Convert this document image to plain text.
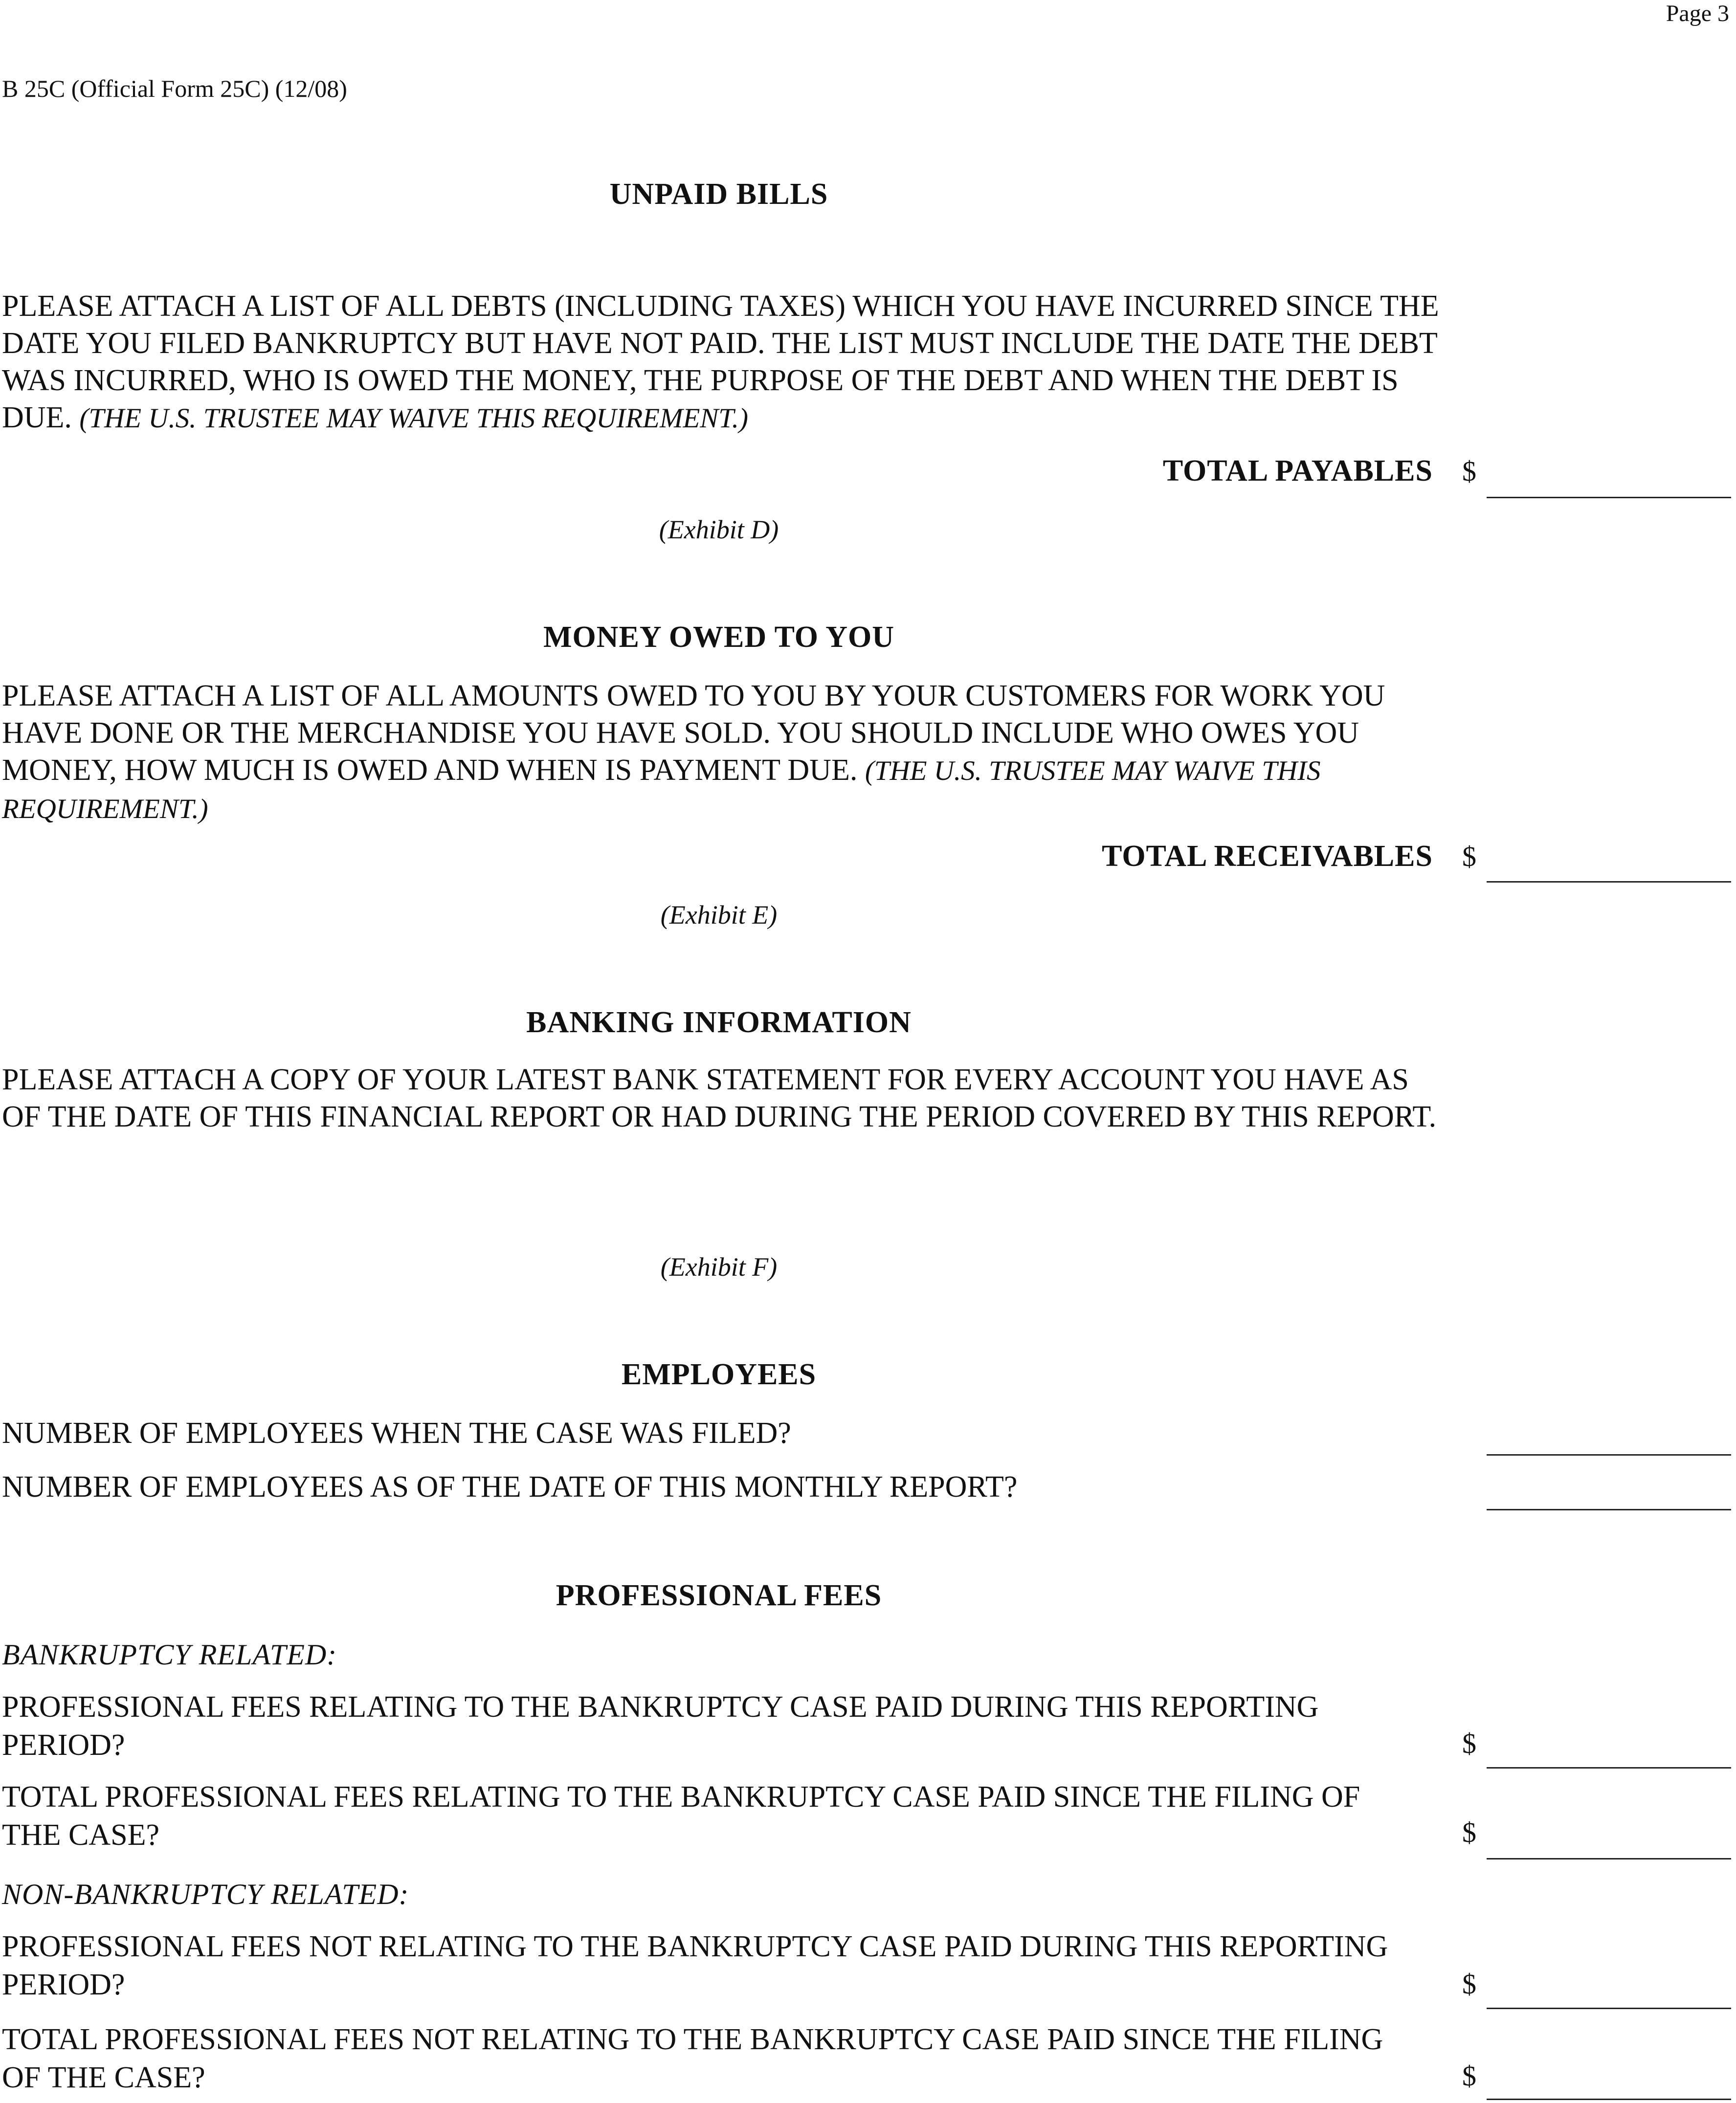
Page 3
B 25C (Official Form 25C) (12/08)
UNPAID BILLS
PLEASE ATTACH A LIST OF ALL DEBTS (INCLUDING TAXES) WHICH YOU HAVE INCURRED SINCE THE DATE YOU FILED BANKRUPTCY BUT HAVE NOT PAID. THE LIST MUST INCLUDE THE DATE THE DEBT WAS INCURRED, WHO IS OWED THE MONEY, THE PURPOSE OF THE DEBT AND WHEN THE DEBT IS DUE. (THE U.S. TRUSTEE MAY WAIVE THIS REQUIREMENT.)
TOTAL PAYABLES $
(Exhibit D)
MONEY OWED TO YOU
PLEASE ATTACH A LIST OF ALL AMOUNTS OWED TO YOU BY YOUR CUSTOMERS FOR WORK YOU HAVE DONE OR THE MERCHANDISE YOU HAVE SOLD. YOU SHOULD INCLUDE WHO OWES YOU MONEY, HOW MUCH IS OWED AND WHEN IS PAYMENT DUE. (THE U.S. TRUSTEE MAY WAIVE THIS REQUIREMENT.)
TOTAL RECEIVABLES $
(Exhibit E)
BANKING INFORMATION
PLEASE ATTACH A COPY OF YOUR LATEST BANK STATEMENT FOR EVERY ACCOUNT YOU HAVE AS OF THE DATE OF THIS FINANCIAL REPORT OR HAD DURING THE PERIOD COVERED BY THIS REPORT.
(Exhibit F)
EMPLOYEES
NUMBER OF EMPLOYEES WHEN THE CASE WAS FILED?
NUMBER OF EMPLOYEES AS OF THE DATE OF THIS MONTHLY REPORT?
PROFESSIONAL FEES
BANKRUPTCY RELATED:
PROFESSIONAL FEES RELATING TO THE BANKRUPTCY CASE PAID DURING THIS REPORTING PERIOD?	$
TOTAL PROFESSIONAL FEES RELATING TO THE BANKRUPTCY CASE PAID SINCE THE FILING OF THE CASE?	$
NON-BANKRUPTCY RELATED:
PROFESSIONAL FEES NOT RELATING TO THE BANKRUPTCY CASE PAID DURING THIS REPORTING PERIOD?	$
TOTAL PROFESSIONAL FEES NOT RELATING TO THE BANKRUPTCY CASE PAID SINCE THE FILING OF THE CASE?	$
